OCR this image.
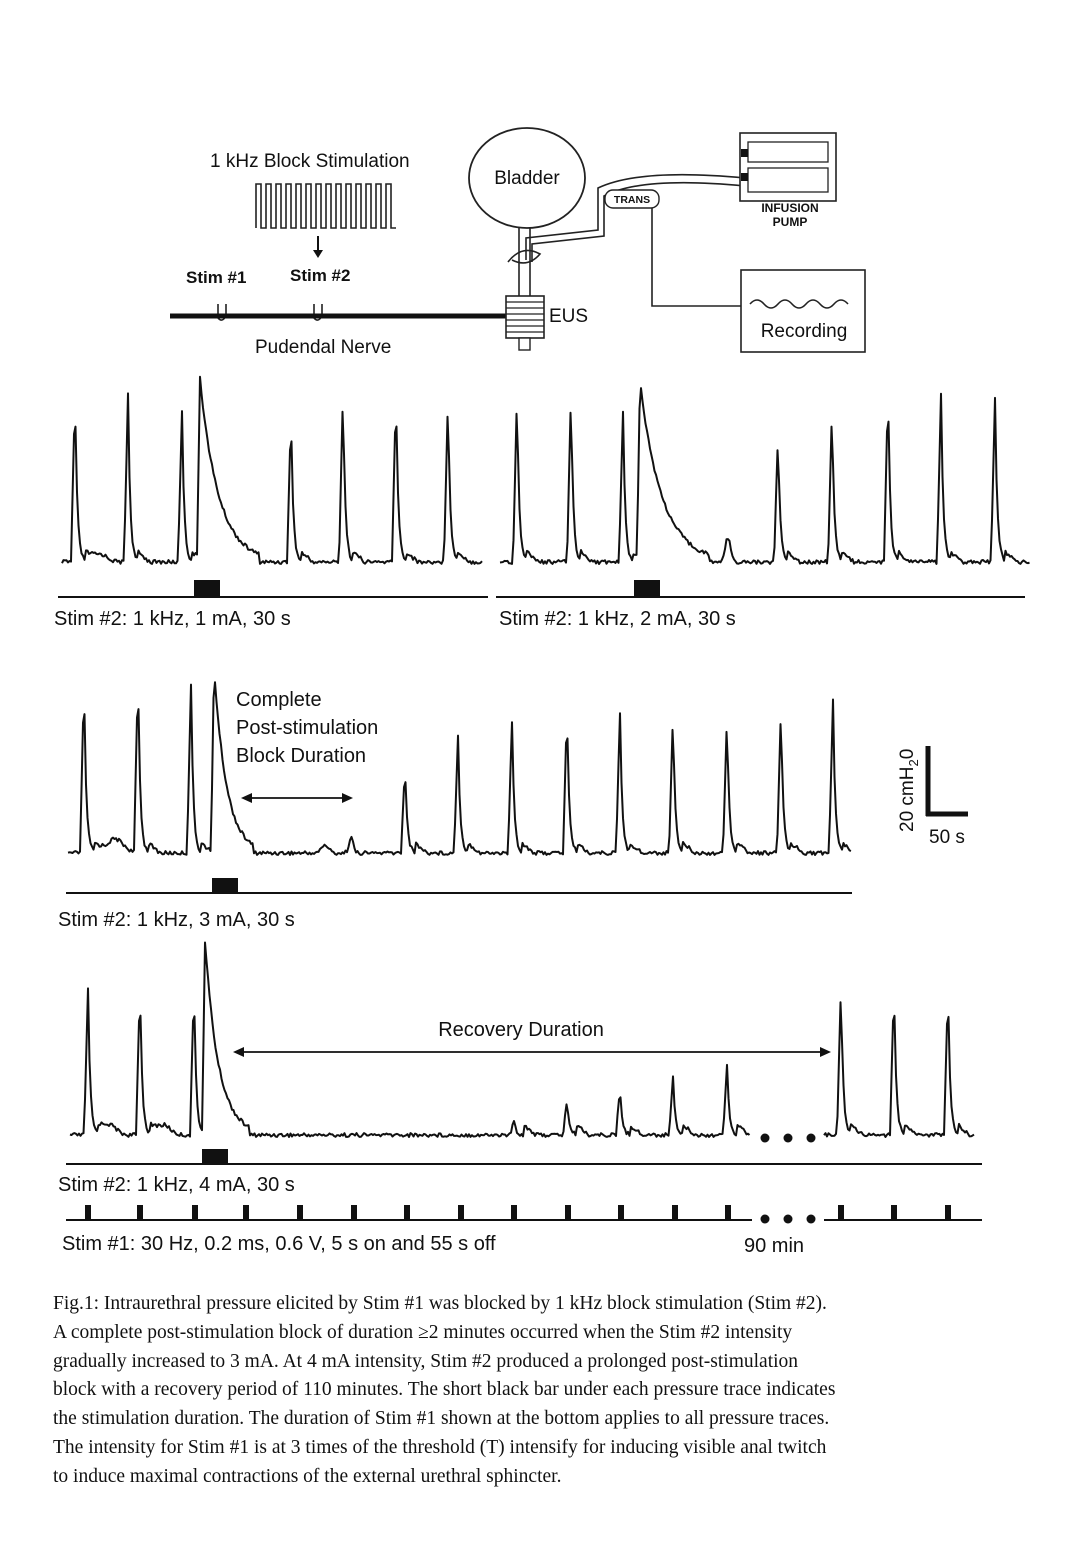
1 kHz Block Stimulation
Stim #1	Stim #2
Pudendal Nerve
Bladder
EUS
TRANS
INFUSION
PUMP
Recording
Stim #2: 1 kHz, 1 mA, 30 s	Stim #2: 1 kHz, 2 mA, 30 s
Stim #2: 1 kHz, 3 mA, 30 s
Complete
Post-stimulation
Block Duration
20 cmH$_2$0
50 s
Stim #2: 1 kHz, 4 mA, 30 s
Recovery Duration
Stim #1: 30 Hz, 0.2 ms, 0.6 V, 5 s on and 55 s off	90 min

Fig.1: Intraurethral pressure elicited by Stim #1 was blocked by 1 kHz block stimulation (Stim #2).
A complete post-stimulation block of duration ≥2 minutes occurred when the Stim #2 intensity
gradually increased to 3 mA. At 4 mA intensity, Stim #2 produced a prolonged post-stimulation
block with a recovery period of 110 minutes. The short black bar under each pressure trace indicates
the stimulation duration. The duration of Stim #1 shown at the bottom applies to all pressure traces.
The intensity for Stim #1 is at 3 times of the threshold (T) intensify for inducing visible anal twitch
to induce maximal contractions of the external urethral sphincter.
